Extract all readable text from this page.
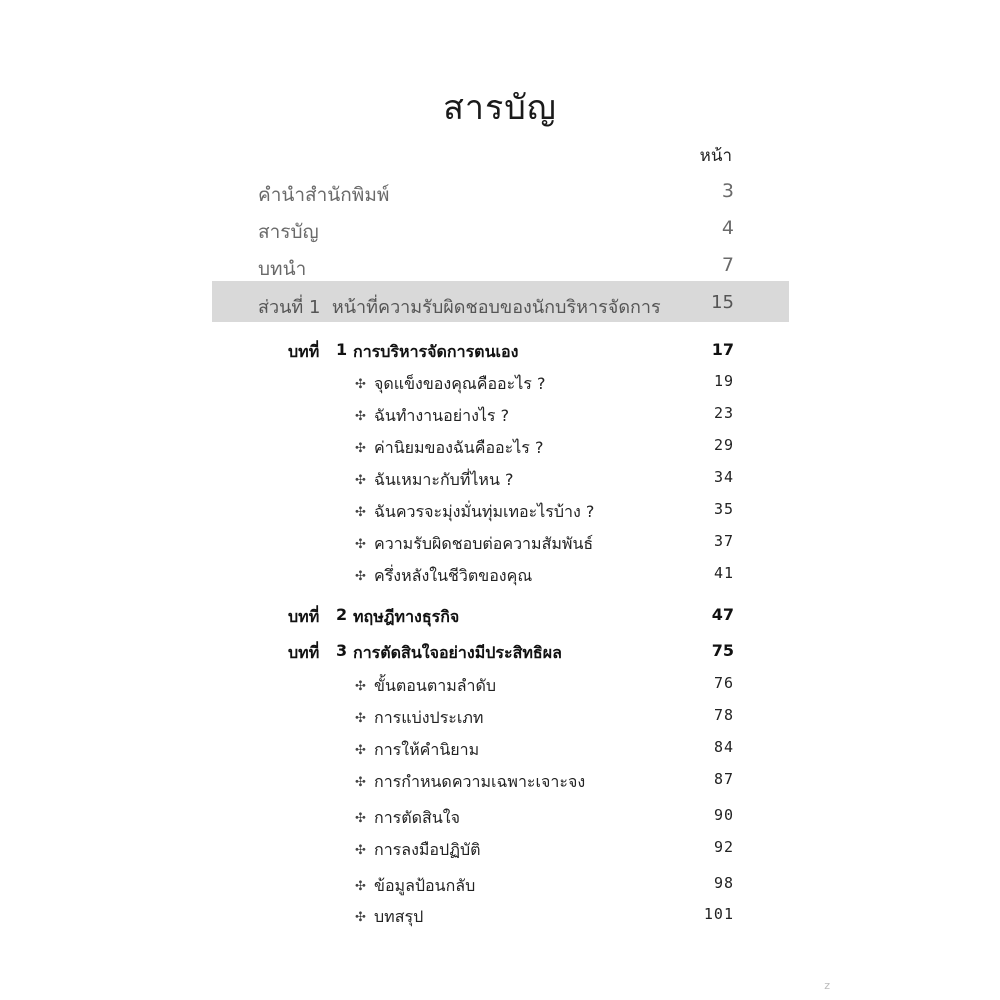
สารบัญ
หน้า
คำนำสำนักพิมพ์	3
สารบัญ	4
บทนำ	7
ส่วนที่ 1  หน้าที่ความรับผิดชอบของนักบริหารจัดการ	15
บทที่	1 การบริหารจัดการตนเอง	17
✣ จุดแข็งของคุณคืออะไร ?	19
✣ ฉันทำงานอย่างไร ?	23
✣ ค่านิยมของฉันคืออะไร ?	29
✣ ฉันเหมาะกับที่ไหน ?	34
✣ ฉันควรจะมุ่งมั่นทุ่มเทอะไรบ้าง ?	35
✣ ความรับผิดชอบต่อความสัมพันธ์	37
✣ ครึ่งหลังในชีวิตของคุณ	41
บทที่	2 ทฤษฎีทางธุรกิจ	47
บทที่	3 การตัดสินใจอย่างมีประสิทธิผล	75
✣ ขั้นตอนตามลำดับ	76
✣ การแบ่งประเภท	78
✣ การให้คำนิยาม	84
✣ การกำหนดความเฉพาะเจาะจง	87
✣ การตัดสินใจ	90
✣ การลงมือปฏิบัติ	92
✣ ข้อมูลป้อนกลับ	98
✣ บทสรุป	101
z
